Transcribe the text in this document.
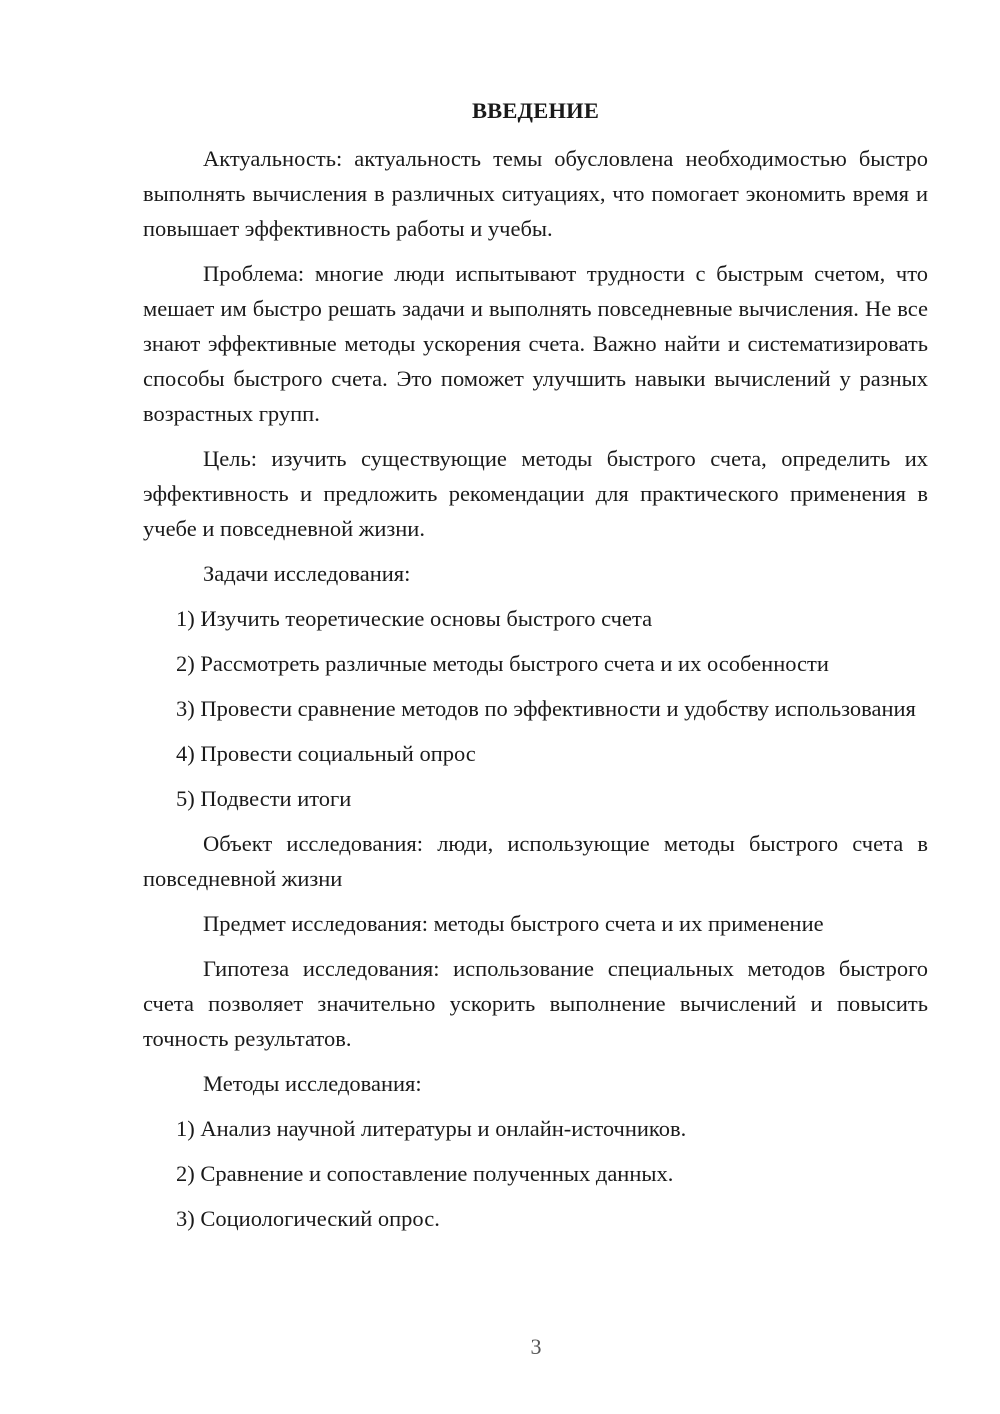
ВВЕДЕНИЕ

Актуальность: актуальность темы обусловлена необходимостью быстро выполнять вычисления в различных ситуациях, что помогает экономить время и повышает эффективность работы и учебы.

Проблема: многие люди испытывают трудности с быстрым счетом, что мешает им быстро решать задачи и выполнять повседневные вычисления. Не все знают эффективные методы ускорения счета. Важно найти и систематизировать способы быстрого счета. Это поможет улучшить навыки вычислений у разных возрастных групп.

Цель: изучить существующие методы быстрого счета, определить их эффективность и предложить рекомендации для практического применения в учебе и повседневной жизни.

Задачи исследования:

1) Изучить теоретические основы быстрого счета

2) Рассмотреть различные методы быстрого счета и их особенности

3) Провести сравнение методов по эффективности и удобству использования

4) Провести социальный опрос

5) Подвести итоги

Объект исследования: люди, использующие методы быстрого счета в повседневной жизни

Предмет исследования: методы быстрого счета и их применение

Гипотеза исследования: использование специальных методов быстрого счета позволяет значительно ускорить выполнение вычислений и повысить точность результатов.

Методы исследования:

1) Анализ научной литературы и онлайн-источников.

2) Сравнение и сопоставление полученных данных.

3) Социологический опрос.

3
